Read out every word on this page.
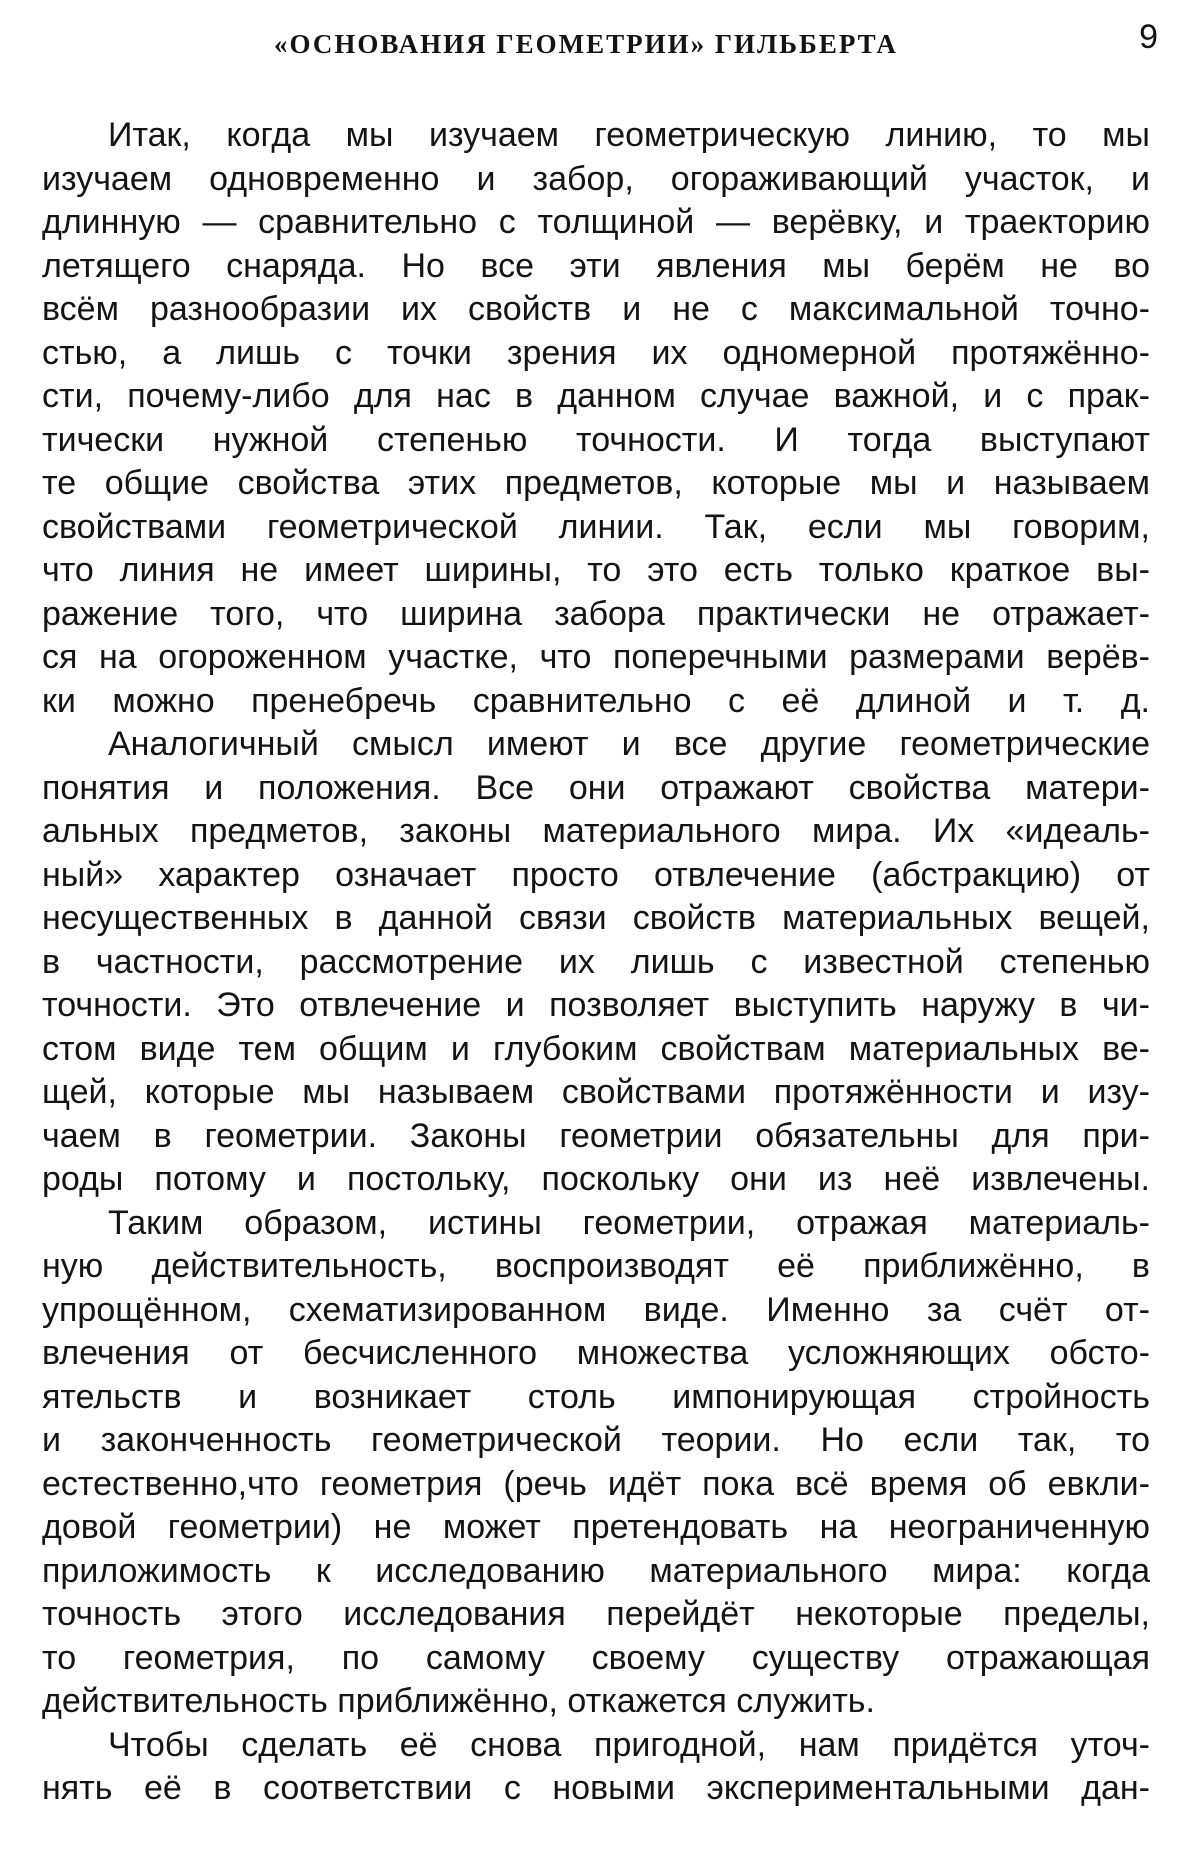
«ОСНОВАНИЯ ГЕОМЕТРИИ» ГИЛЬБЕРТА	9
Итак, когда мы изучаем геометрическую линию, то мы
изучаем одновременно и забор, огораживающий участок, и
длинную — сравнительно с толщиной — верёвку, и траекторию
летящего снаряда. Но все эти явления мы берём не во
всём разнообразии их свойств и не с максимальной точно-
стью, а лишь с точки зрения их одномерной протяжённо-
сти, почему-либо для нас в данном случае важной, и с прак-
тически нужной степенью точности. И тогда выступают
те общие свойства этих предметов, которые мы и называем
свойствами геометрической линии. Так, если мы говорим,
что линия не имеет ширины, то это есть только краткое вы-
ражение того, что ширина забора практически не отражает-
ся на огороженном участке, что поперечными размерами верёв-
ки можно пренебречь сравнительно с её длиной и т. д.
Аналогичный смысл имеют и все другие геометрические
понятия и положения. Все они отражают свойства матери-
альных предметов, законы материального мира. Их «идеаль-
ный» характер означает просто отвлечение (абстракцию) от
несущественных в данной связи свойств материальных вещей,
в частности, рассмотрение их лишь с известной степенью
точности. Это отвлечение и позволяет выступить наружу в чи-
стом виде тем общим и глубоким свойствам материальных ве-
щей, которые мы называем свойствами протяжённости и изу-
чаем в геометрии. Законы геометрии обязательны для при-
роды потому и постольку, поскольку они из неё извлечены.
Таким образом, истины геометрии, отражая материаль-
ную действительность, воспроизводят её приближённо, в
упрощённом, схематизированном виде. Именно за счёт от-
влечения от бесчисленного множества усложняющих обсто-
ятельств и возникает столь импонирующая стройность
и законченность геометрической теории. Но если так, то
естественно,что геометрия (речь идёт пока всё время об евкли-
довой геометрии) не может претендовать на неограниченную
приложимость к исследованию материального мира: когда
точность этого исследования перейдёт некоторые пределы,
то геометрия, по самому своему существу отражающая
действительность приближённо, откажется служить.
Чтобы сделать её снова пригодной, нам придётся уточ-
нять её в соответствии с новыми экспериментальными дан-
